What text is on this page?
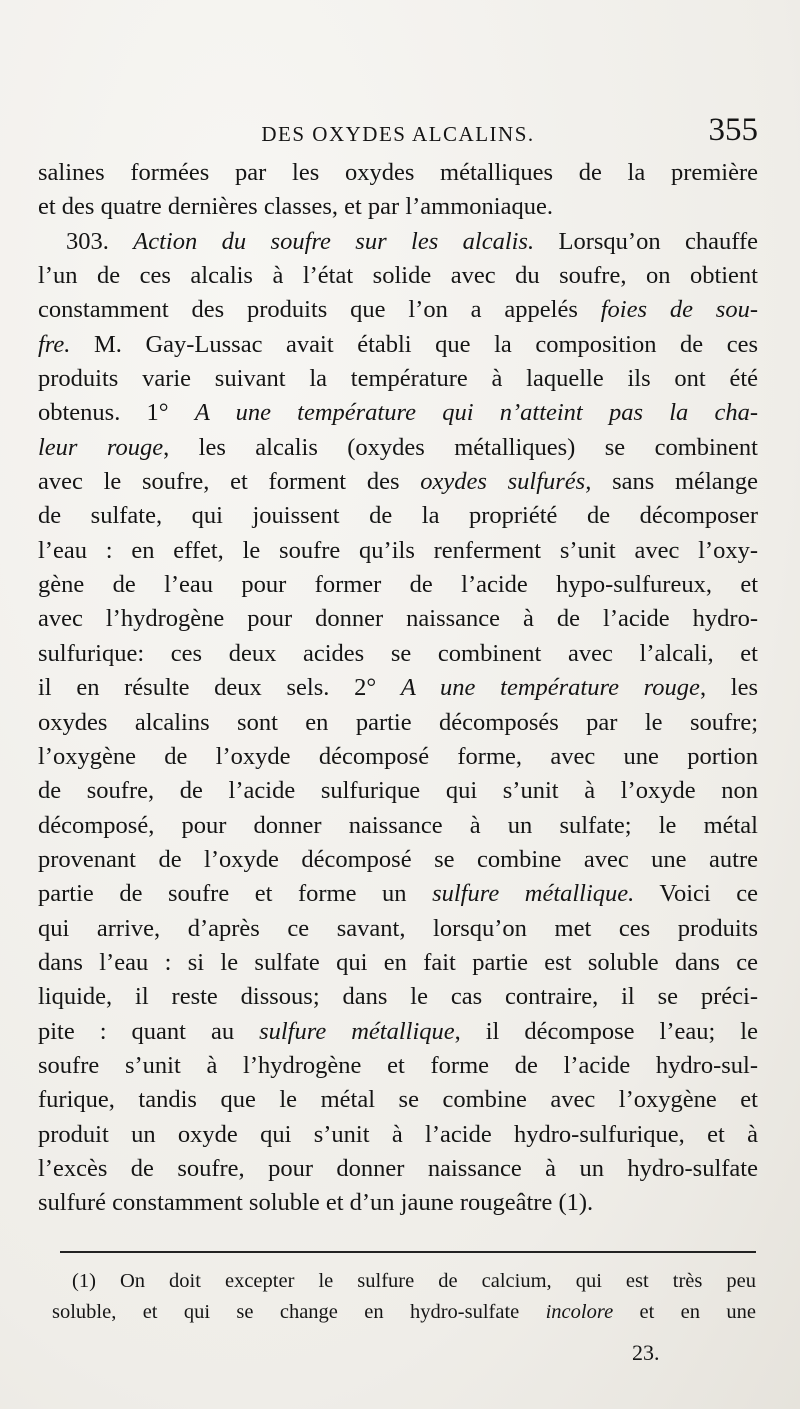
DES OXYDES ALCALINS.	355
salines formées par les oxydes métalliques de la première
et des quatre dernières classes, et par l’ammoniaque.
303. Action du soufre sur les alcalis. Lorsqu’on chauffe
l’un de ces alcalis à l’état solide avec du soufre, on obtient
constamment des produits que l’on a appelés foies de sou-
fre. M. Gay-Lussac avait établi que la composition de ces
produits varie suivant la température à laquelle ils ont été
obtenus. 1° A une température qui n’atteint pas la cha-
leur rouge, les alcalis (oxydes métalliques) se combinent
avec le soufre, et forment des oxydes sulfurés, sans mélange
de sulfate, qui jouissent de la propriété de décomposer
l’eau : en effet, le soufre qu’ils renferment s’unit avec l’oxy-
gène de l’eau pour former de l’acide hypo-sulfureux, et
avec l’hydrogène pour donner naissance à de l’acide hydro-
sulfurique: ces deux acides se combinent avec l’alcali, et
il en résulte deux sels. 2° A une température rouge, les
oxydes alcalins sont en partie décomposés par le soufre;
l’oxygène de l’oxyde décomposé forme, avec une portion
de soufre, de l’acide sulfurique qui s’unit à l’oxyde non
décomposé, pour donner naissance à un sulfate; le métal
provenant de l’oxyde décomposé se combine avec une autre
partie de soufre et forme un sulfure métallique. Voici ce
qui arrive, d’après ce savant, lorsqu’on met ces produits
dans l’eau : si le sulfate qui en fait partie est soluble dans ce
liquide, il reste dissous; dans le cas contraire, il se préci-
pite : quant au sulfure métallique, il décompose l’eau; le
soufre s’unit à l’hydrogène et forme de l’acide hydro-sul-
furique, tandis que le métal se combine avec l’oxygène et
produit un oxyde qui s’unit à l’acide hydro-sulfurique, et à
l’excès de soufre, pour donner naissance à un hydro-sulfate
sulfuré constamment soluble et d’un jaune rougeâtre (1).
(1) On doit excepter le sulfure de calcium, qui est très peu
soluble, et qui se change en hydro-sulfate incolore et en une
23.
